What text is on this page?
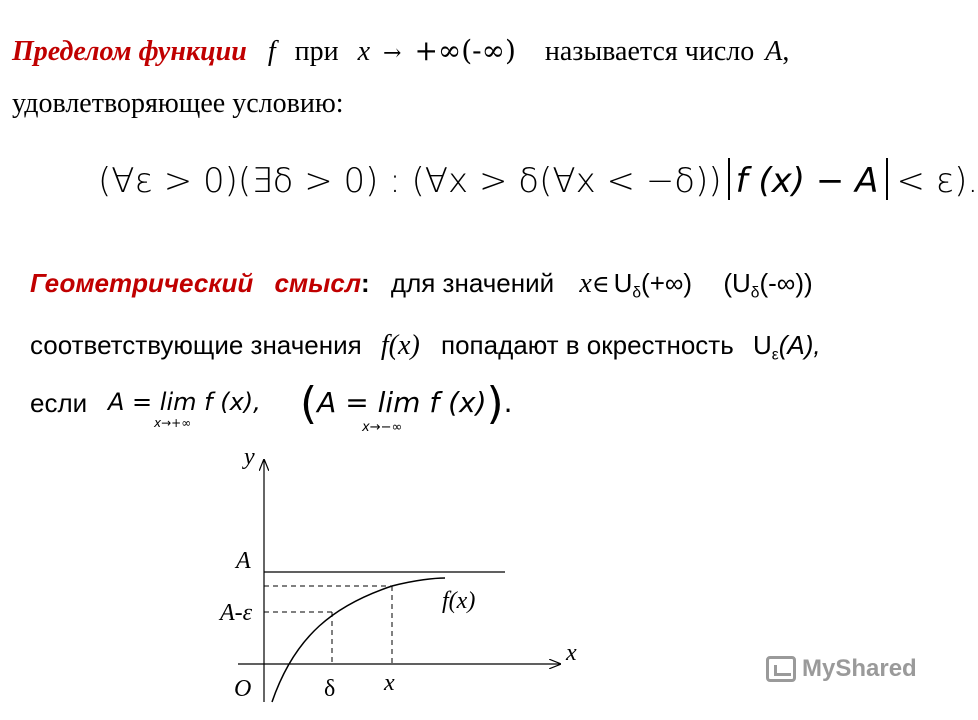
Пределом функции f при x → +∞(-∞) называется число A,
удовлетворяющее условию:
(∀ε > 0)(∃δ > 0) : (∀x > δ(∀x < −δ)) f (x) − A < ε).
Геометрический смысл: для значений x∈ $U_\delta(+\infty)$ $(U_\delta(-\infty))$
соответствующие значения f(x) попадают в окрестность $U_\varepsilon(A)$,
если A = lim f (x),
x→+∞ (A = lim f (x)).
x→−∞
y
x
O
A
A-ε	f(x)
δ x
MyShared
